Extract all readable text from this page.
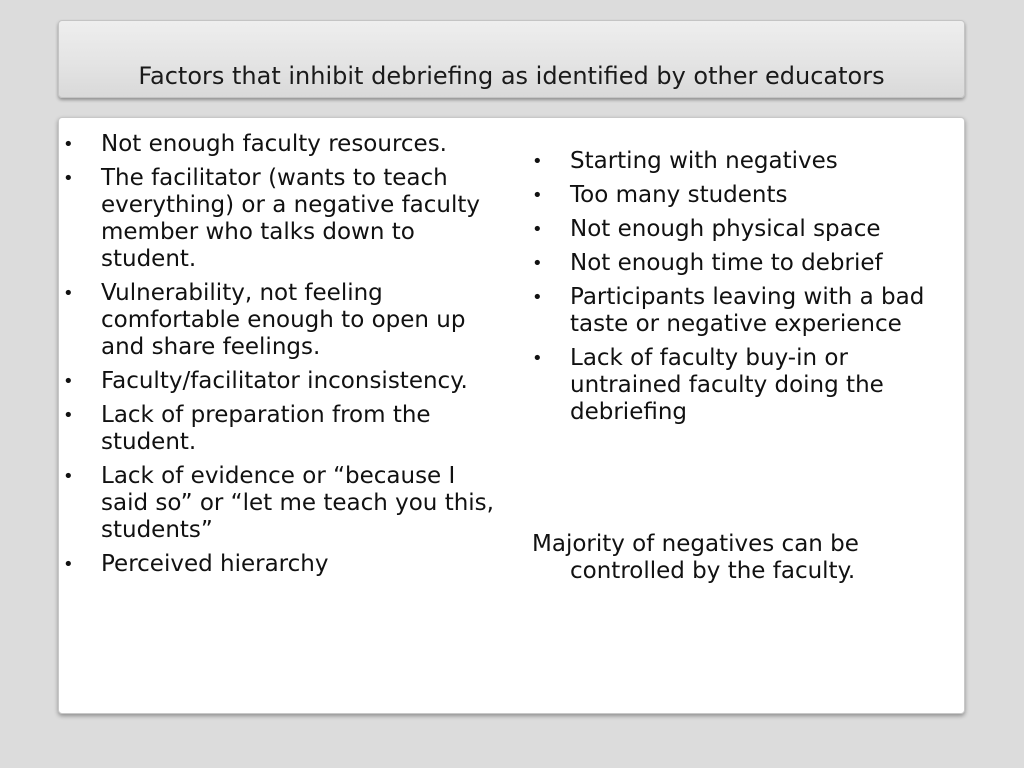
Factors that inhibit debriefing as identified by other educators
• Not enough faculty resources.
• The facilitator (wants to teach everything) or a negative faculty member who talks down to student.
• Vulnerability, not feeling comfortable enough to open up and share feelings.
• Faculty/facilitator inconsistency.
• Lack of preparation from the student.
• Lack of evidence or “because I said so” or “let me teach you this, students”
• Perceived hierarchy
• Starting with negatives
• Too many students
• Not enough physical space
• Not enough time to debrief
• Participants leaving with a bad taste or negative experience
• Lack of faculty buy-in or untrained faculty doing the debriefing
Majority of negatives can be controlled by the faculty.
